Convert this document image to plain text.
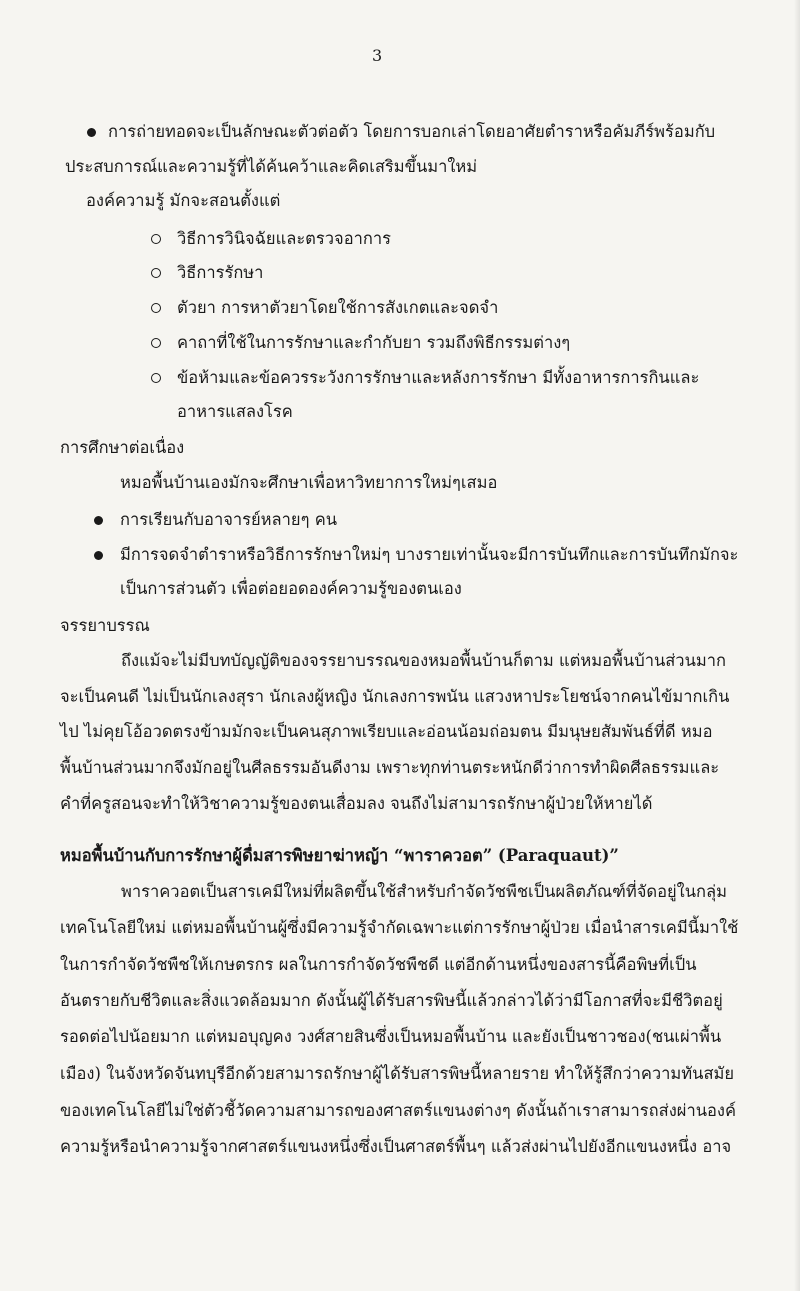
3
การถ่ายทอดจะเป็นลักษณะตัวต่อตัว โดยการบอกเล่าโดยอาศัยตำราหรือคัมภีร์พร้อมกับ
ประสบการณ์และความรู้ที่ได้ค้นคว้าและคิดเสริมขึ้นมาใหม่
องค์ความรู้ มักจะสอนตั้งแต่
วิธีการวินิจฉัยและตรวจอาการ
วิธีการรักษา
ตัวยา การหาตัวยาโดยใช้การสังเกตและจดจำ
คาถาที่ใช้ในการรักษาและกำกับยา รวมถึงพิธีกรรมต่างๆ
ข้อห้ามและข้อควรระวังการรักษาและหลังการรักษา มีทั้งอาหารการกินและ
อาหารแสลงโรค
การศึกษาต่อเนื่อง
หมอพื้นบ้านเองมักจะศึกษาเพื่อหาวิทยาการใหม่ๆเสมอ
การเรียนกับอาจารย์หลายๆ คน
มีการจดจำตำราหรือวิธีการรักษาใหม่ๆ บางรายเท่านั้นจะมีการบันทึกและการบันทึกมักจะ
เป็นการส่วนตัว เพื่อต่อยอดองค์ความรู้ของตนเอง
จรรยาบรรณ
ถึงแม้จะไม่มีบทบัญญัติของจรรยาบรรณของหมอพื้นบ้านก็ตาม แต่หมอพื้นบ้านส่วนมาก
จะเป็นคนดี ไม่เป็นนักเลงสุรา นักเลงผู้หญิง นักเลงการพนัน แสวงหาประโยชน์จากคนไข้มากเกิน
ไป ไม่คุยโอ้อวดตรงข้ามมักจะเป็นคนสุภาพเรียบและอ่อนน้อมถ่อมตน มีมนุษยสัมพันธ์ที่ดี หมอ
พื้นบ้านส่วนมากจึงมักอยู่ในศีลธรรมอันดีงาม เพราะทุกท่านตระหนักดีว่าการทำผิดศีลธรรมและ
คำที่ครูสอนจะทำให้วิชาความรู้ของตนเสื่อมลง จนถึงไม่สามารถรักษาผู้ป่วยให้หายได้
หมอพื้นบ้านกับการรักษาผู้ดื่มสารพิษยาฆ่าหญ้า “พาราควอต” (Paraquaut)”
พาราควอตเป็นสารเคมีใหม่ที่ผลิตขึ้นใช้สำหรับกำจัดวัชพืชเป็นผลิตภัณฑ์ที่จัดอยู่ในกลุ่ม
เทคโนโลยีใหม่ แต่หมอพื้นบ้านผู้ซึ่งมีความรู้จำกัดเฉพาะแต่การรักษาผู้ป่วย เมื่อนำสารเคมีนี้มาใช้
ในการกำจัดวัชพืชให้เกษตรกร ผลในการกำจัดวัชพืชดี แต่อีกด้านหนึ่งของสารนี้คือพิษที่เป็น
อันตรายกับชีวิตและสิ่งแวดล้อมมาก ดังนั้นผู้ได้รับสารพิษนี้แล้วกล่าวได้ว่ามีโอกาสที่จะมีชีวิตอยู่
รอดต่อไปน้อยมาก แต่หมอบุญคง วงศ์สายสินซึ่งเป็นหมอพื้นบ้าน และยังเป็นชาวชอง(ชนเผ่าพื้น
เมือง) ในจังหวัดจันทบุรีอีกด้วยสามารถรักษาผู้ได้รับสารพิษนี้หลายราย ทำให้รู้สึกว่าความทันสมัย
ของเทคโนโลยีไม่ใช่ตัวชี้วัดความสามารถของศาสตร์แขนงต่างๆ ดังนั้นถ้าเราสามารถส่งผ่านองค์
ความรู้หรือนำความรู้จากศาสตร์แขนงหนึ่งซึ่งเป็นศาสตร์พื้นๆ แล้วส่งผ่านไปยังอีกแขนงหนึ่ง อาจ
